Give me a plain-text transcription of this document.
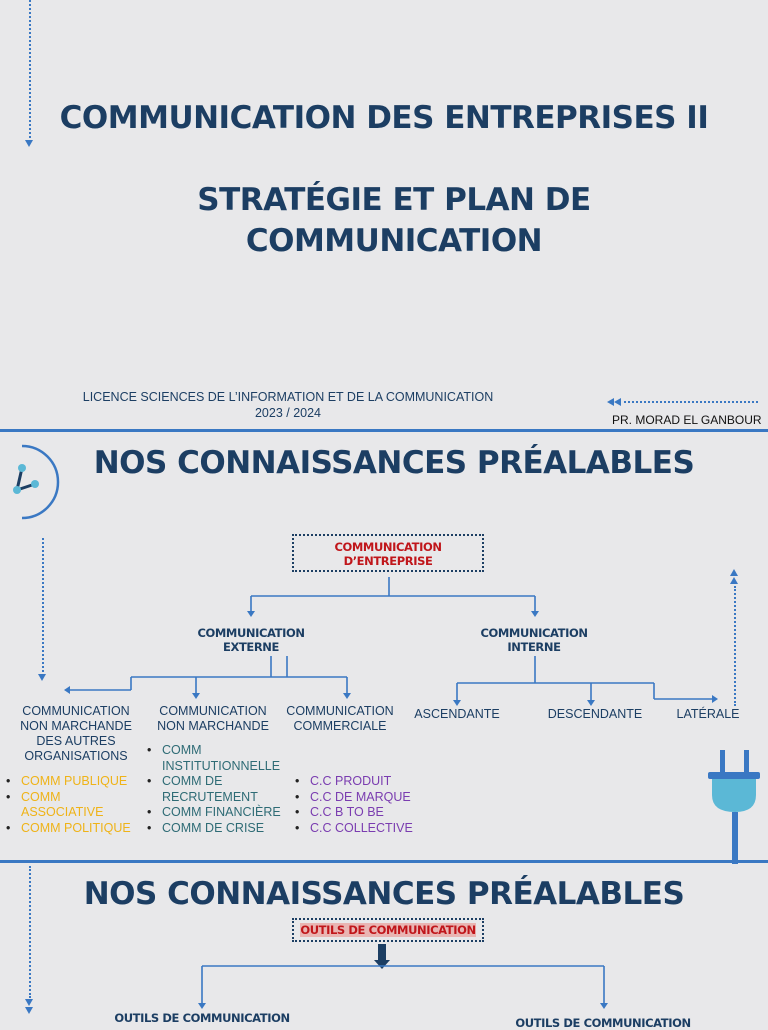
COMMUNICATION DES ENTREPRISES II
STRATÉGIE ET PLAN DE
COMMUNICATION
LICENCE SCIENCES DE L’INFORMATION ET DE LA COMMUNICATION
2023 / 2024	PR. MORAD EL GANBOUR
NOS CONNAISSANCES PRÉALABLES
COMMUNICATION
D’ENTREPRISE
COMMUNICATION
EXTERNE
COMMUNICATION
INTERNE
COMMUNICATION
NON MARCHANDE
DES AUTRES
ORGANISATIONS
COMMUNICATION
NON MARCHANDE
COMMUNICATION
COMMERCIALE
ASCENDANTE	DESCENDANTE	LATÉRALE
• COMM PUBLIQUE
• COMM ASSOCIATIVE
• COMM POLITIQUE
• COMM INSTITUTIONNELLE
• COMM DE RECRUTEMENT
• COMM FINANCIÈRE
• COMM DE CRISE
• C.C PRODUIT
• C.C DE MARQUE
• C.C B TO BE
• C.C COLLECTIVE
NOS CONNAISSANCES PRÉALABLES
OUTILS DE COMMUNICATION
OUTILS DE COMMUNICATION	OUTILS DE COMMUNICATION
